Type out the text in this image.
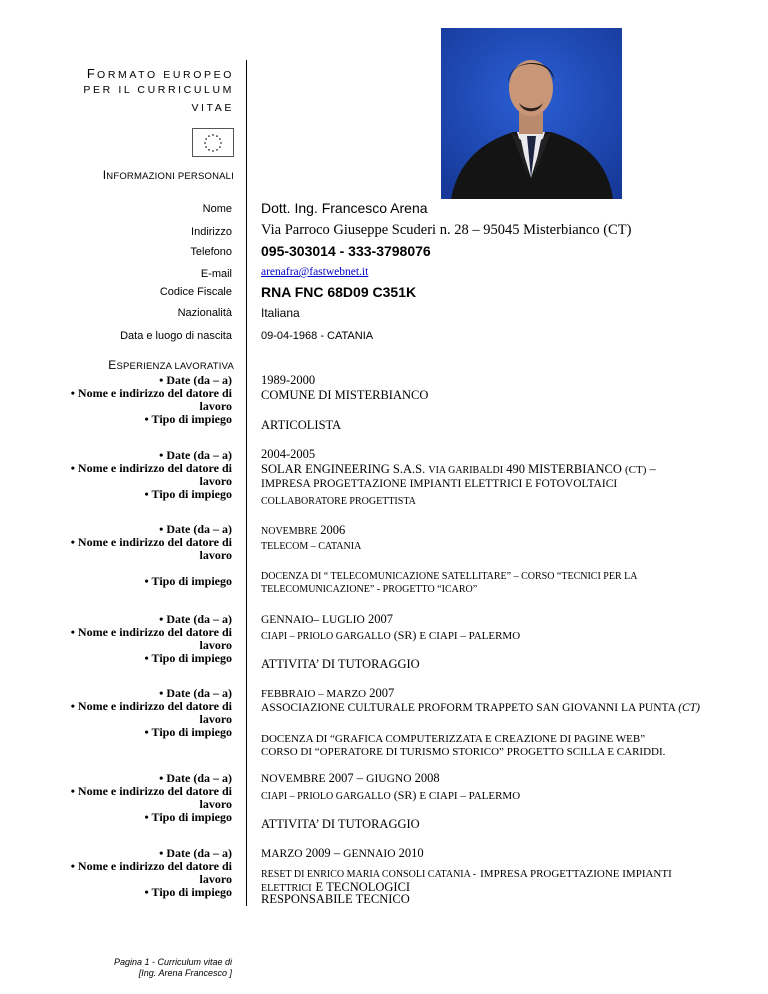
FORMATO EUROPEO
PER IL CURRICULUM
VITAE
INFORMAZIONI PERSONALI
Nome Dott. Ing. Francesco Arena
Indirizzo Via Parroco Giuseppe Scuderi n. 28 – 95045 Misterbianco (CT)
Telefono 095-303014 - 333-3798076
E-mail	arenafra@fastwebnet.it
Codice Fiscale RNA FNC 68D09 C351K
Nazionalità Italiana
Data e luogo di nascita	09-04-1968 - CATANIA
ESPERIENZA LAVORATIVA
• Date (da – a)
• Nome e indirizzo del datore di
lavoro
• Tipo di impiego
• Date (da – a)
• Nome e indirizzo del datore di
lavoro
• Tipo di impiego
• Date (da – a)
• Nome e indirizzo del datore di
lavoro
• Tipo di impiego
• Date (da – a)
• Nome e indirizzo del datore di
lavoro
• Tipo di impiego
• Date (da – a)
• Nome e indirizzo del datore di
lavoro
• Tipo di impiego
• Date (da – a)
• Nome e indirizzo del datore di
lavoro
• Tipo di impiego
• Date (da – a)
• Nome e indirizzo del datore di
lavoro
• Tipo di impiego
1989-2000
COMUNE DI MISTERBIANCO
ARTICOLISTA
2004-2005
SOLAR ENGINEERING S.A.S. VIA GARIBALDI 490 MISTERBIANCO (CT) –
IMPRESA PROGETTAZIONE IMPIANTI ELETTRICI E FOTOVOLTAICI
COLLABORATORE PROGETTISTA
NOVEMBRE 2006
TELECOM – CATANIA
DOCENZA DI “ TELECOMUNICAZIONE SATELLITARE” – CORSO “TECNICI PER LA
TELECOMUNICAZIONE” - PROGETTO “ICARO”
GENNAIO– LUGLIO 2007
CIAPI – PRIOLO GARGALLO (SR) E CIAPI – PALERMO
ATTIVITA’ DI TUTORAGGIO
FEBBRAIO – MARZO 2007
ASSOCIAZIONE CULTURALE PROFORM TRAPPETO SAN GIOVANNI LA PUNTA (CT)
DOCENZA DI “GRAFICA COMPUTERIZZATA E CREAZIONE DI PAGINE WEB”
CORSO DI “OPERATORE DI TURISMO STORICO” PROGETTO SCILLA E CARIDDI.
NOVEMBRE 2007 – GIUGNO 2008
CIAPI – PRIOLO GARGALLO (SR) E CIAPI – PALERMO
ATTIVITA’ DI TUTORAGGIO
MARZO 2009 – GENNAIO 2010
RESET DI ENRICO MARIA CONSOLI CATANIA - IMPRESA PROGETTAZIONE IMPIANTI
ELETTRICI E TECNOLOGICI
RESPONSABILE TECNICO
Pagina 1 - Curriculum vitae di
[Ing. Arena Francesco ]
